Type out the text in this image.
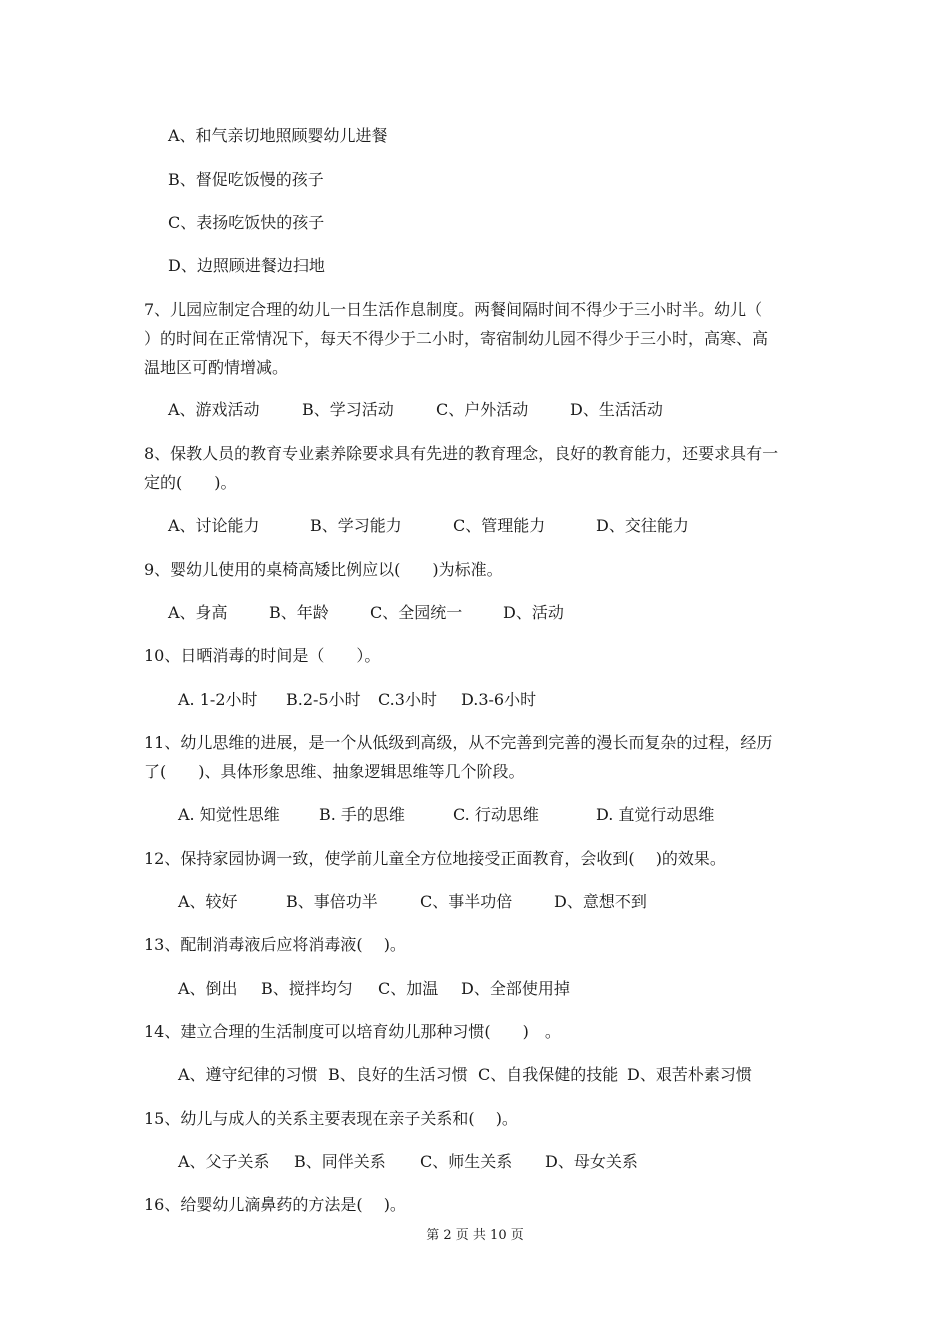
A、和气亲切地照顾婴幼儿进餐
B、督促吃饭慢的孩子
C、表扬吃饭快的孩子
D、边照顾进餐边扫地
7、儿园应制定合理的幼儿一日生活作息制度。两餐间隔时间不得少于三小时半。幼儿（
）的时间在正常情况下，每天不得少于二小时，寄宿制幼儿园不得少于三小时，高寒、高
温地区可酌情增减。
A、游戏活动	B、学习活动	C、户外活动	D、生活活动
8、保教人员的教育专业素养除要求具有先进的教育理念，良好的教育能力，还要求具有一
定的(　　)。
A、讨论能力	B、学习能力	C、管理能力	D、交往能力
9、婴幼儿使用的桌椅高矮比例应以(　　)为标准。
A、身高	B、年龄	C、全园统一	D、活动
10、日晒消毒的时间是（　　）。
A. 1-2小时 B.2-5小时 C.3小时 D.3-6小时
11、幼儿思维的进展，是一个从低级到高级，从不完善到完善的漫长而复杂的过程，经历
了(　　)、具体形象思维、抽象逻辑思维等几个阶段。
A. 知觉性思维 B. 手的思维	C. 行动思维	D. 直觉行动思维
12、保持家园协调一致，使学前儿童全方位地接受正面教育，会收到(　 )的效果。
A、较好	B、事倍功半	C、事半功倍	D、意想不到
13、配制消毒液后应将消毒液(　 )。
A、倒出 B、搅拌均匀 C、加温 D、全部使用掉
14、建立合理的生活制度可以培育幼儿那种习惯(　　)　。
A、遵守纪律的习惯 B、良好的生活习惯 C、自我保健的技能 D、艰苦朴素习惯
15、幼儿与成人的关系主要表现在亲子关系和(　 )。
A、父子关系 B、同伴关系 C、师生关系 D、母女关系
16、给婴幼儿滴鼻药的方法是(　 )。
第 2 页 共 10 页
